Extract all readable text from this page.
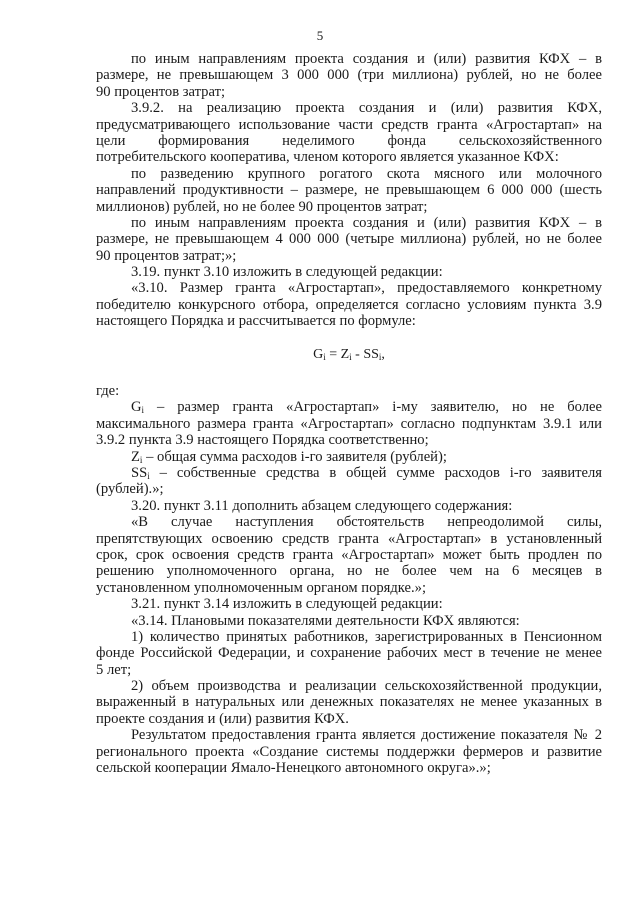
5
по иным направлениям проекта создания и (или) развития КФХ – в
размере, не превышающем 3 000 000 (три миллиона) рублей, но не более
90 процентов затрат;
3.9.2. на реализацию проекта создания и (или) развития КФХ,
предусматривающего использование части средств гранта «Агростартап» на
цели формирования неделимого фонда сельскохозяйственного
потребительского кооператива, членом которого является указанное КФХ:
по разведению крупного рогатого скота мясного или молочного
направлений продуктивности – размере, не превышающем 6 000 000 (шесть
миллионов) рублей, но не более 90 процентов затрат;
по иным направлениям проекта создания и (или) развития КФХ – в
размере, не превышающем 4 000 000 (четыре миллиона) рублей, но не более
90 процентов затрат;»;
3.19. пункт 3.10 изложить в следующей редакции:
«3.10. Размер гранта «Агростартап», предоставляемого конкретному
победителю конкурсного отбора, определяется согласно условиям пункта 3.9
настоящего Порядка и рассчитывается по формуле:
$G_i = Z_i - SS_i$,
где:
$G_i$ – размер гранта «Агростартап» i-му заявителю, но не более
максимального размера гранта «Агростартап» согласно подпунктам 3.9.1 или
3.9.2 пункта 3.9 настоящего Порядка соответственно;
$Z_i$ – общая сумма расходов i-го заявителя (рублей);
$SS_i$ – собственные средства в общей сумме расходов i-го заявителя
(рублей).»;
3.20. пункт 3.11 дополнить абзацем следующего содержания:
«В случае наступления обстоятельств непреодолимой силы,
препятствующих освоению средств гранта «Агростартап» в установленный
срок, срок освоения средств гранта «Агростартап» может быть продлен по
решению уполномоченного органа, но не более чем на 6 месяцев в
установленном уполномоченным органом порядке.»;
3.21. пункт 3.14 изложить в следующей редакции:
«3.14. Плановыми показателями деятельности КФХ являются:
1) количество принятых работников, зарегистрированных в Пенсионном
фонде Российской Федерации, и сохранение рабочих мест в течение не менее
5 лет;
2) объем производства и реализации сельскохозяйственной продукции,
выраженный в натуральных или денежных показателях не менее указанных в
проекте создания и (или) развития КФХ.
Результатом предоставления гранта является достижение показателя № 2
регионального проекта «Создание системы поддержки фермеров и развитие
сельской кооперации Ямало-Ненецкого автономного округа».»;
